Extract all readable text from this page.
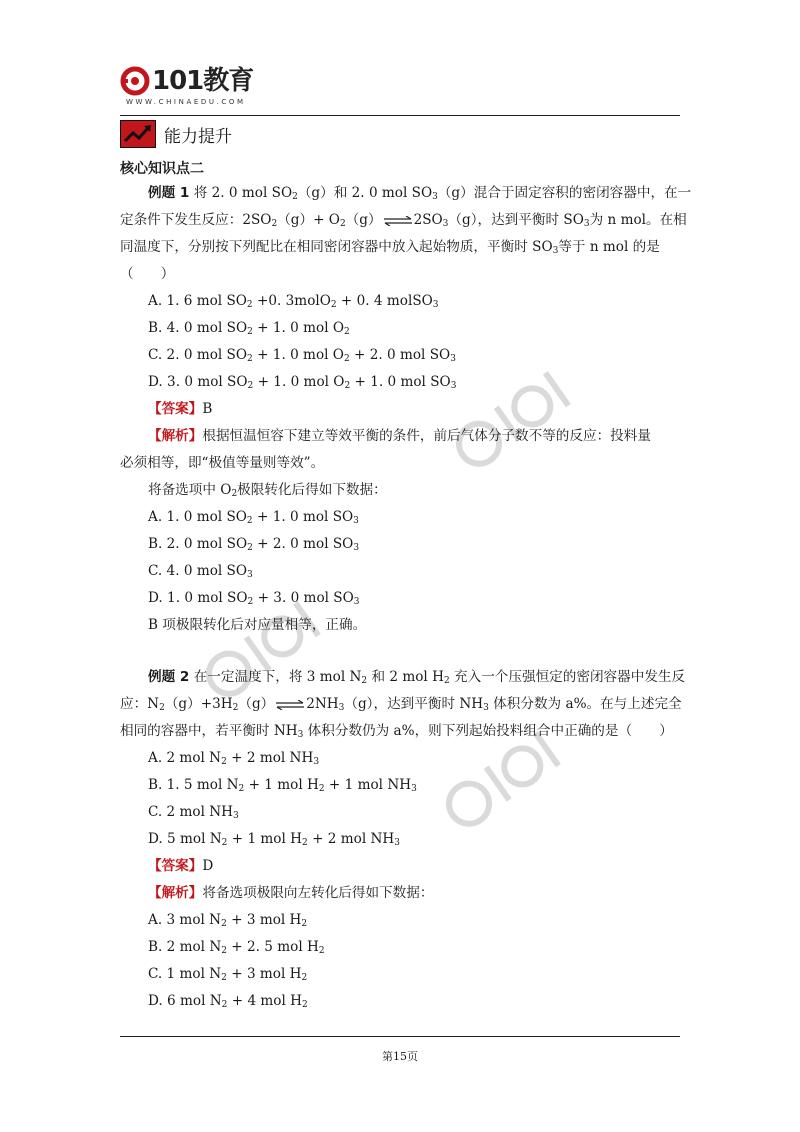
101教育
WWW.CHINAEDU.COM
能力提升
核心知识点二
例题 1 将 2. 0 mol $SO_2(g)$和 2. 0 mol $SO_3(g)$混合于固定容积的密闭容器中，在一
定条件下发生反应：$2SO_2(g)+$ $O_2(g)\rightleftharpoons 2SO_3(g)$，达到平衡时 $SO_3$为 n mol。在相
同温度下，分别按下列配比在相同密闭容器中放入起始物质，平衡时 $SO_3$等于 n mol 的是
（　　）
A. 1. 6 mol $SO_2 +0$. 3molO$_2$ + 0. 4 molSO$_3$
B. 4. 0 mol $SO_2 + 1$. 0 mol $O_2$
C. 2. 0 mol $SO_2 + 1$. 0 mol $O_2 + 2$. 0 mol $SO_3$
D. 3. 0 mol $SO_2 + 1$. 0 mol $O_2 + 1$. 0 mol $SO_3$
【答案】B
【解析】根据恒温恒容下建立等效平衡的条件，前后气体分子数不等的反应：投料量
必须相等，即“极值等量则等效”。
将备选项中 $O_2$极限转化后得如下数据：
A. 1. 0 mol $SO_2 + 1$. 0 mol $SO_3$
B. 2. 0 mol $SO_2 + 2$. 0 mol $SO_3$
C. 4. 0 mol $SO_3$
D. 1. 0 mol $SO_2 + 3$. 0 mol $SO_3$
B 项极限转化后对应量相等，正确。
例题 2 在一定温度下，将 3 mol $N_2$ 和 2 mol $H_2$ 充入一个压强恒定的密闭容器中发生反
应：$N_2(g)+3H_2(g)\rightleftharpoons 2NH_3(g)$，达到平衡时 $NH_3$ 体积分数为 a%。在与上述完全
相同的容器中，若平衡时 $NH_3$ 体积分数仍为 a%，则下列起始投料组合中正确的是（　　）
A. 2 mol $N_2 + 2$ mol $NH_3$
B. 1. 5 mol $N_2 + 1$ mol $H_2 + 1$ mol $NH_3$
C. 2 mol $NH_3$
D. 5 mol $N_2 + 1$ mol $H_2 + 2$ mol $NH_3$
【答案】D
【解析】将备选项极限向左转化后得如下数据：
A. 3 mol $N_2 + 3$ mol $H_2$
B. 2 mol $N_2 + 2$. 5 mol $H_2$
C. 1 mol $N_2 + 3$ mol $H_2$
D. 6 mol $N_2 + 4$ mol $H_2$
第15页
